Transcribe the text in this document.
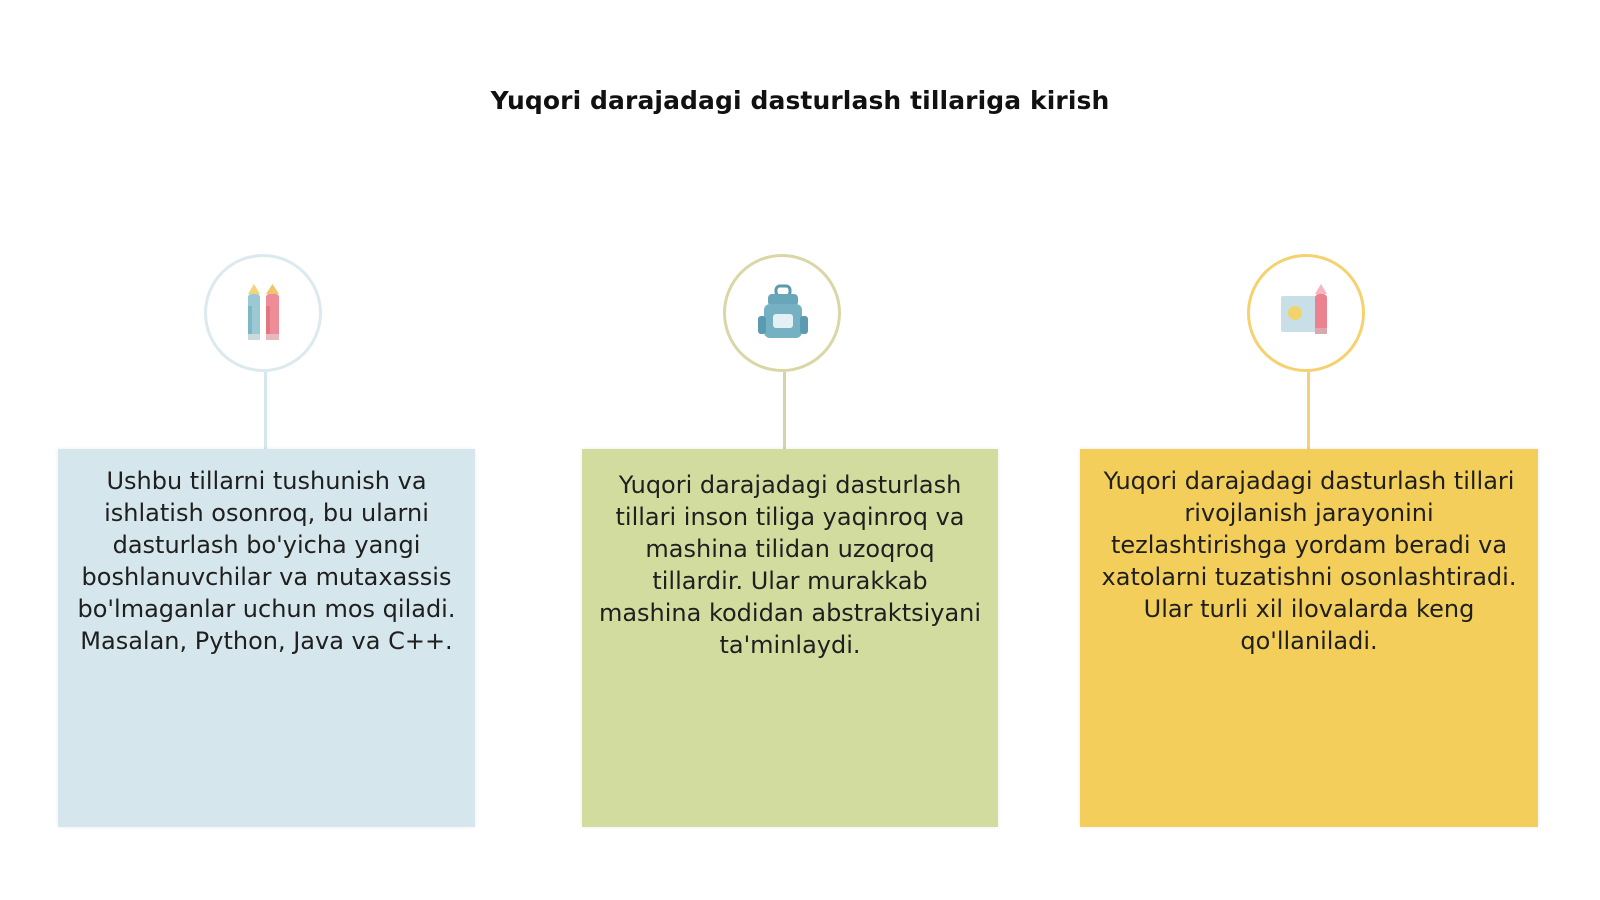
Yuqori darajadagi dasturlash tillariga kirish
Ushbu tillarni tushunish va ishlatish osonroq, bu ularni dasturlash bo'yicha yangi boshlanuvchilar va mutaxassis bo'lmaganlar uchun mos qiladi. Masalan, Python, Java va C++.
Yuqori darajadagi dasturlash tillari inson tiliga yaqinroq va mashina tilidan uzoqroq tillardir. Ular murakkab mashina kodidan abstraktsiyani ta'minlaydi.
Yuqori darajadagi dasturlash tillari rivojlanish jarayonini tezlashtirishga yordam beradi va xatolarni tuzatishni osonlashtiradi. Ular turli xil ilovalarda keng qo'llaniladi.
